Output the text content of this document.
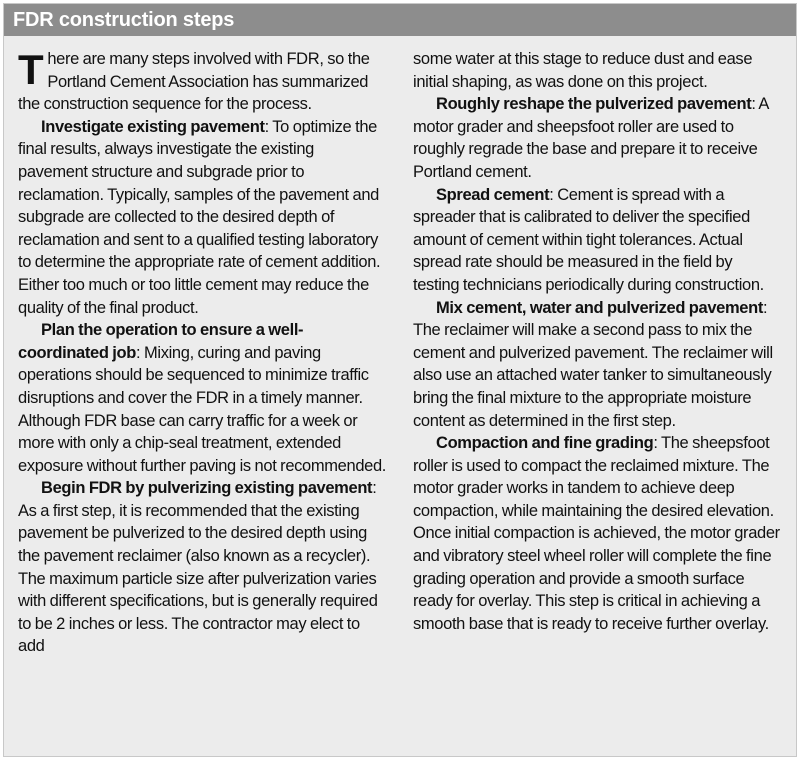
FDR construction steps

There are many steps involved with FDR, so the Portland Cement Association has summarized the construction sequence for the process.

Investigate existing pavement: To optimize the final results, always investigate the existing pavement structure and subgrade prior to reclamation. Typically, samples of the pavement and subgrade are collected to the desired depth of reclamation and sent to a qualified testing laboratory to determine the appropriate rate of cement addition. Either too much or too little cement may reduce the quality of the final product.

Plan the operation to ensure a well-coordinated job: Mixing, curing and paving operations should be sequenced to minimize traffic disruptions and cover the FDR in a timely manner. Although FDR base can carry traffic for a week or more with only a chip-seal treatment, extended exposure without further paving is not recommended.

Begin FDR by pulverizing existing pavement: As a first step, it is recommended that the existing pavement be pulverized to the desired depth using the pavement reclaimer (also known as a recycler). The maximum particle size after pulverization varies with different specifications, but is generally required to be 2 inches or less. The contractor may elect to add

some water at this stage to reduce dust and ease initial shaping, as was done on this project.

Roughly reshape the pulverized pavement: A motor grader and sheepsfoot roller are used to roughly regrade the base and prepare it to receive Portland cement.

Spread cement: Cement is spread with a spreader that is calibrated to deliver the specified amount of cement within tight tolerances. Actual spread rate should be measured in the field by testing technicians periodically during construction.

Mix cement, water and pulverized pavement: The reclaimer will make a second pass to mix the cement and pulverized pavement. The reclaimer will also use an attached water tanker to simultaneously bring the final mixture to the appropriate moisture content as determined in the first step.

Compaction and fine grading: The sheepsfoot roller is used to compact the reclaimed mixture. The motor grader works in tandem to achieve deep compaction, while maintaining the desired elevation. Once initial compaction is achieved, the motor grader and vibratory steel wheel roller will complete the fine grading operation and provide a smooth surface ready for overlay. This step is critical in achieving a smooth base that is ready to receive further overlay.
